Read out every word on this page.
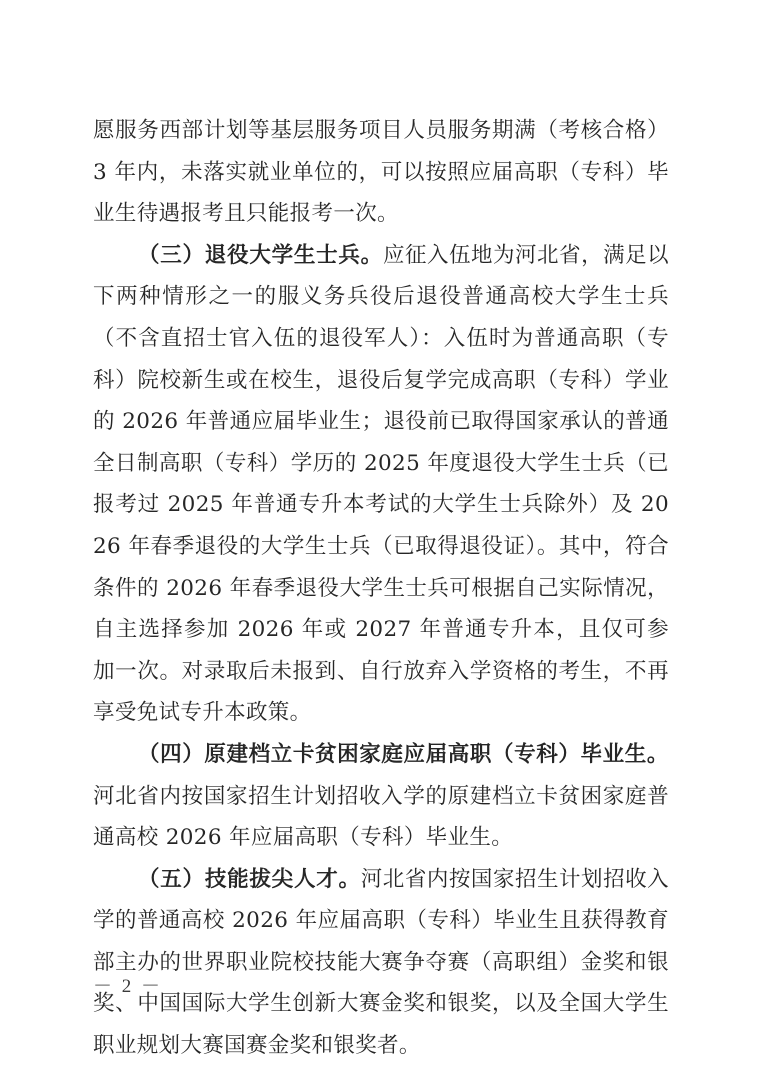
愿服务西部计划等基层服务项目人员服务期满（考核合格）3 年内，未落实就业单位的，可以按照应届高职（专科）毕业生待遇报考且只能报考一次。

（三）退役大学生士兵。应征入伍地为河北省，满足以下两种情形之一的服义务兵役后退役普通高校大学生士兵（不含直招士官入伍的退役军人）：入伍时为普通高职（专科）院校新生或在校生，退役后复学完成高职（专科）学业的 2026 年普通应届毕业生；退役前已取得国家承认的普通全日制高职（专科）学历的 2025 年度退役大学生士兵（已报考过 2025 年普通专升本考试的大学生士兵除外）及 2026 年春季退役的大学生士兵（已取得退役证）。其中，符合条件的 2026 年春季退役大学生士兵可根据自己实际情况，自主选择参加 2026 年或 2027 年普通专升本，且仅可参加一次。对录取后未报到、自行放弃入学资格的考生，不再享受免试专升本政策。

（四）原建档立卡贫困家庭应届高职（专科）毕业生。河北省内按国家招生计划招收入学的原建档立卡贫困家庭普通高校 2026 年应届高职（专科）毕业生。

（五）技能拔尖人才。河北省内按国家招生计划招收入学的普通高校 2026 年应届高职（专科）毕业生且获得教育部主办的世界职业院校技能大赛争夺赛（高职组）金奖和银奖、中国国际大学生创新大赛金奖和银奖，以及全国大学生职业规划大赛国赛金奖和银奖者。

－ 2 －
